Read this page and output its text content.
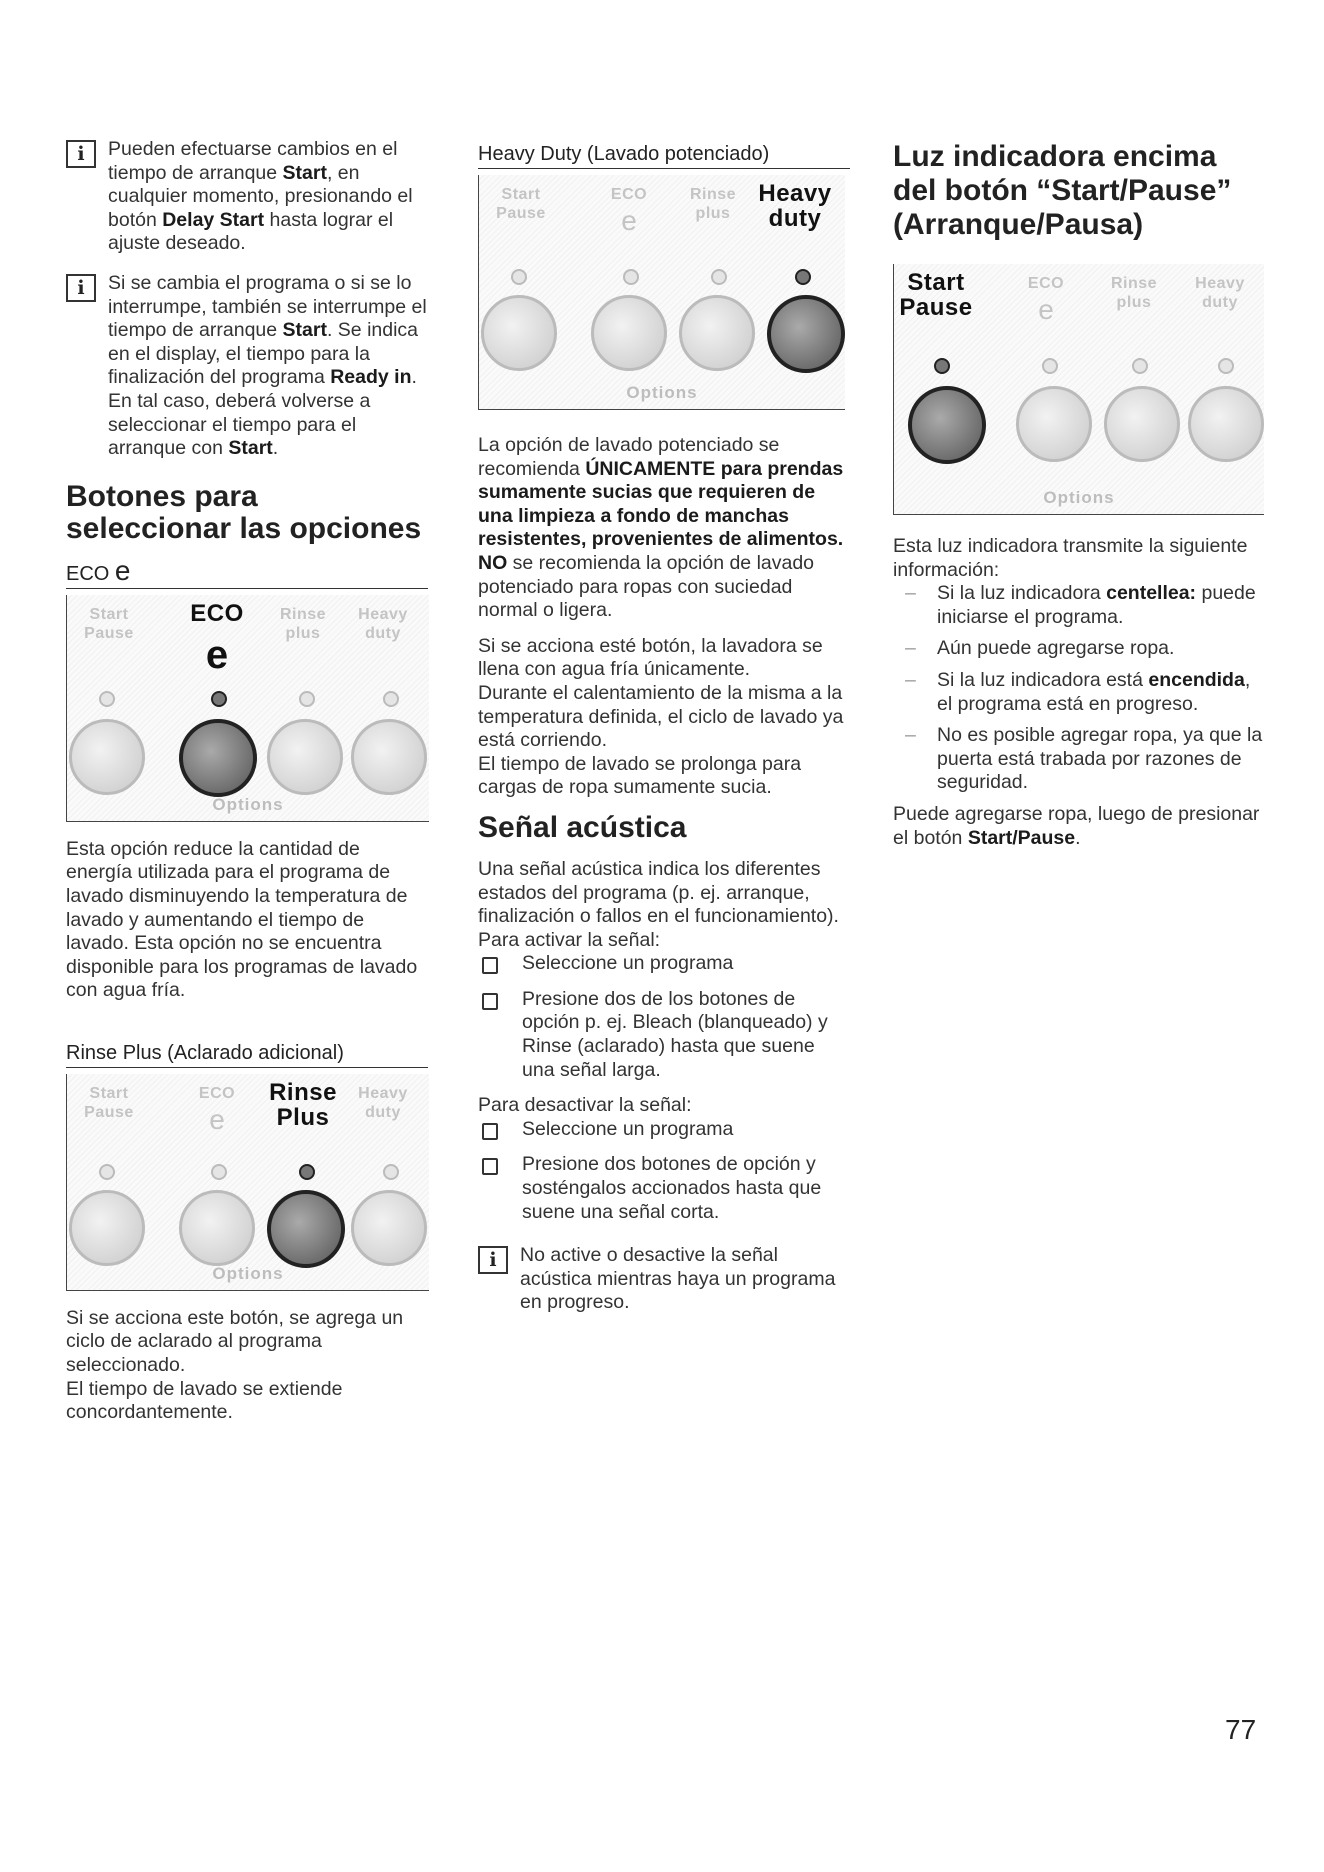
i	Pueden efectuarse cambios en el tiempo de arranque Start, en cualquier momento, presionando el botón Delay Start hasta lograr el ajuste deseado.
i	Si se cambia el programa o si se lo interrumpe, también se interrumpe el tiempo de arranque Start. Se indica en el display, el tiempo para la finalización del programa Ready in. En tal caso, deberá volverse a seleccionar el tiempo para el arranque con Start.
Botones para seleccionar las opciones
ECO e
Start
Pause
ECO
e
Rinse
plus
Heavy
duty
Options

Esta opción reduce la cantidad de energía utilizada para el programa de lavado disminuyendo la temperatura de lavado y aumentando el tiempo de lavado. Esta opción no se encuentra disponible para los programas de lavado con agua fría.

Rinse Plus (Aclarado adicional)
Start
Pause
ECO
e
Rinse
Plus
Heavy
duty
Options

Si se acciona este botón, se agrega un ciclo de aclarado al programa seleccionado.

El tiempo de lavado se extiende concordantemente.

Heavy Duty (Lavado potenciado)
Start
Pause
ECO
e
Rinse
plus
Heavy
duty
Options

La opción de lavado potenciado se recomienda ÚNICAMENTE para prendas sumamente sucias que requieren de una limpieza a fondo de manchas resistentes, provenientes de alimentos. NO se recomienda la opción de lavado potenciado para ropas con suciedad normal o ligera.

Si se acciona esté botón, la lavadora se llena con agua fría únicamente.

Durante el calentamiento de la misma a la temperatura definida, el ciclo de lavado ya está corriendo.

El tiempo de lavado se prolonga para cargas de ropa sumamente sucia.

Señal acústica

Una señal acústica indica los diferentes estados del programa (p. ej. arranque, finalización o fallos en el funcionamiento).

Para activar la señal:

Seleccione un programa
Presione dos de los botones de opción p. ej. Bleach (blanqueado) y Rinse (aclarado) hasta que suene una señal larga.

Para desactivar la señal:

Seleccione un programa
Presione dos botones de opción y sosténgalos accionados hasta que suene una señal corta.
i	No active o desactive la señal acústica mientras haya un programa en progreso.
Luz indicadora encima del botón “Start/Pause” (Arranque/Pausa)
Start
Pause
ECO
e
Rinse
plus
Heavy
duty
Options

Esta luz indicadora transmite la siguiente información:

– Si la luz indicadora centellea: puede iniciarse el programa.
– Aún puede agregarse ropa.
– Si la luz indicadora está encendida, el programa está en progreso.
– No es posible agregar ropa, ya que la puerta está trabada por razones de seguridad.

Puede agregarse ropa, luego de presionar el botón Start/Pause.

77
